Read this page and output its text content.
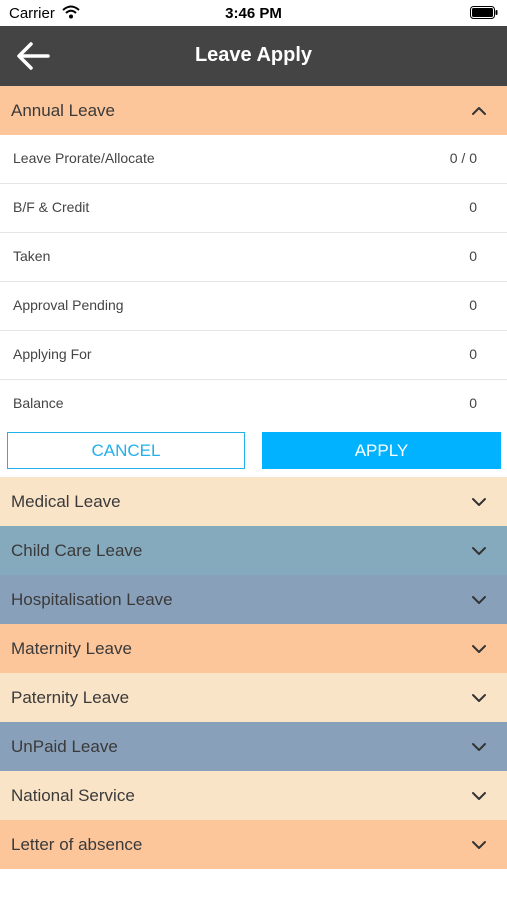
Carrier	3:46 PM
Leave Apply
Annual Leave
Leave Prorate/Allocate	0 / 0
B/F & Credit	0
Taken	0
Approval Pending	0
Applying For	0
Balance	0
CANCEL	APPLY
Medical Leave
Child Care Leave
Hospitalisation Leave
Maternity Leave
Paternity Leave
UnPaid Leave
National Service
Letter of absence
